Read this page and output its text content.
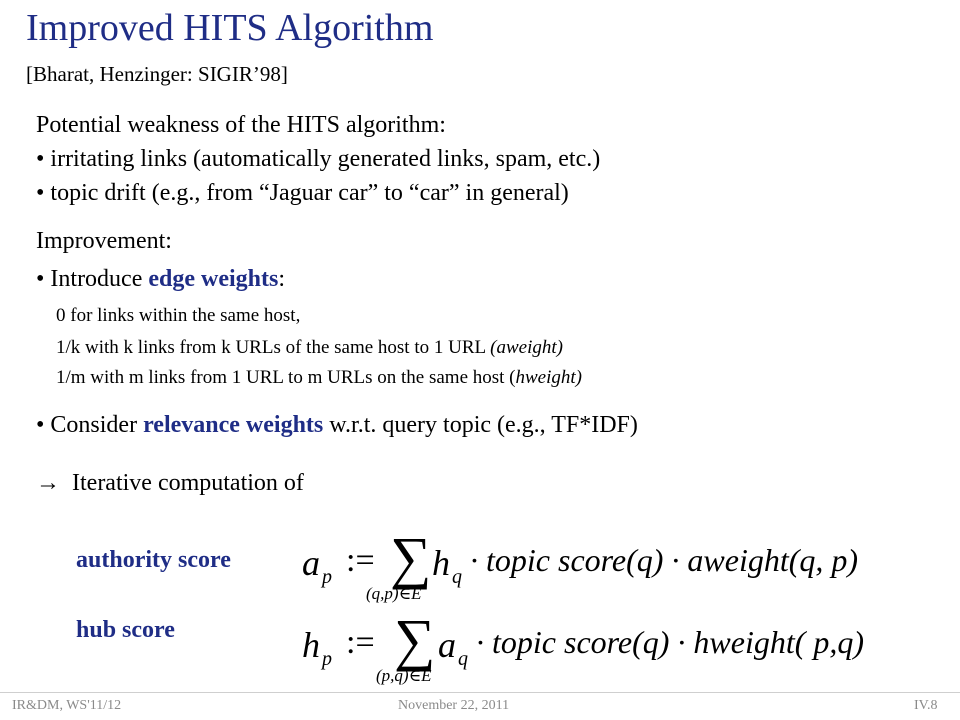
Improved HITS Algorithm
[Bharat, Henzinger: SIGIR’98]
Potential weakness of the HITS algorithm:
• irritating links (automatically generated links, spam, etc.)
• topic drift (e.g., from “Jaguar car” to “car” in general)
Improvement:
• Introduce edge weights:
0 for links within the same host,
1/k with k links from k URLs of the same host to 1 URL (aweight)
1/m with m links from 1 URL to m URLs on the same host (hweight)
• Consider relevance weights w.r.t. query topic (e.g., TF*IDF)
→ Iterative computation of
authority score a p := ∑
(q,p)∈E
h q · topic score(q) · aweight(q, p)
hub score	h p := ∑
(p,q)∈E
a q · topic score(q) · hweight( p,q)
IR&DM, WS'11/12	November 22, 2011	IV.8
